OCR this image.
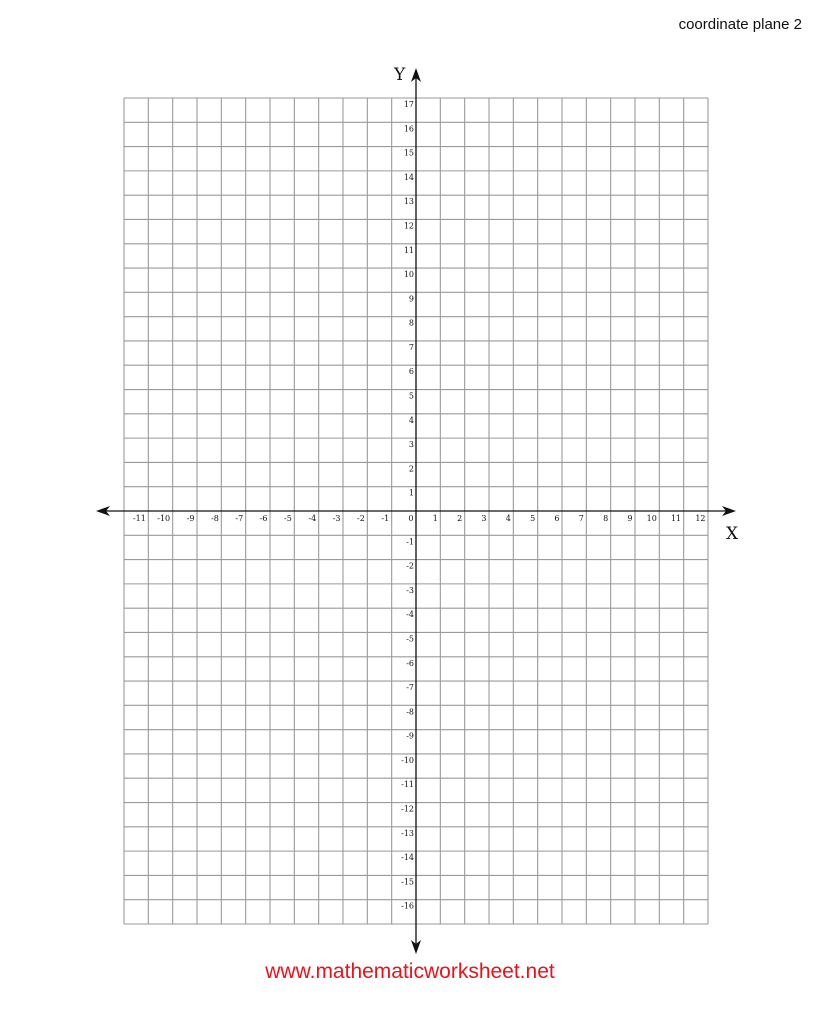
coordinate plane 2
-11 -10 -9 -8 -7 -6 -5 -4 -3 -2 -1 0 1 2 3 4 5 6 7 8 9 10 11 12
-16
-15
-14
-13
-12
-11
-10
-9
-8
-7
-6
-5
-4
-3
-2
-1
1
2
3
4
5
6
7
8
9
10
11
12
13
14
15
16
17
X
Y
www.mathematicworksheet.net
